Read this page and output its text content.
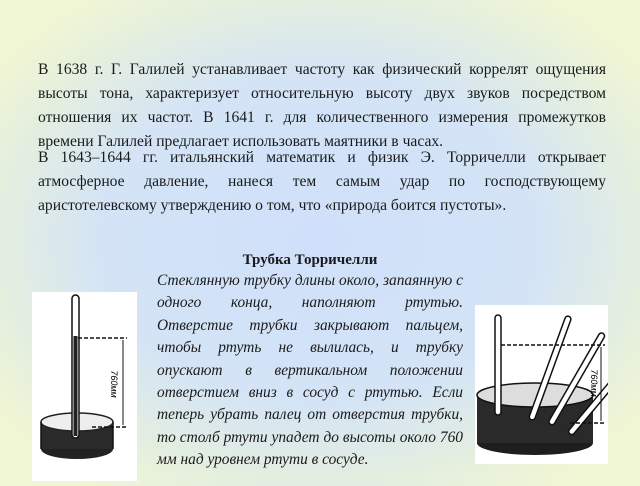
В 1638 г. Г. Галилей устанавливает частоту как физический коррелят ощущения высоты тона, характеризует относительную высоту двух звуков посредством отношения их частот. В 1641 г. для количественного измерения промежутков времени Галилей предлагает использовать маятники в часах.

В 1643–1644 гг. итальянский математик и физик Э. Торричелли открывает атмосферное давление, нанеся тем самым удар по господствующему аристотелевскому утверждению о том, что «природа боится пустоты».

Трубка Торричелли

Стеклянную трубку длины около, запаянную с одного конца, наполняют ртутью. Отверстие трубки закрывают пальцем, чтобы ртуть не вылилась, и трубку опускают в вертикальном положении отверстием вниз в сосуд с ртутью. Если теперь убрать палец от отверстия трубки, то столб ртути упадет до высоты около 760 мм над уровнем ртути в сосуде.

760мм	760мм
